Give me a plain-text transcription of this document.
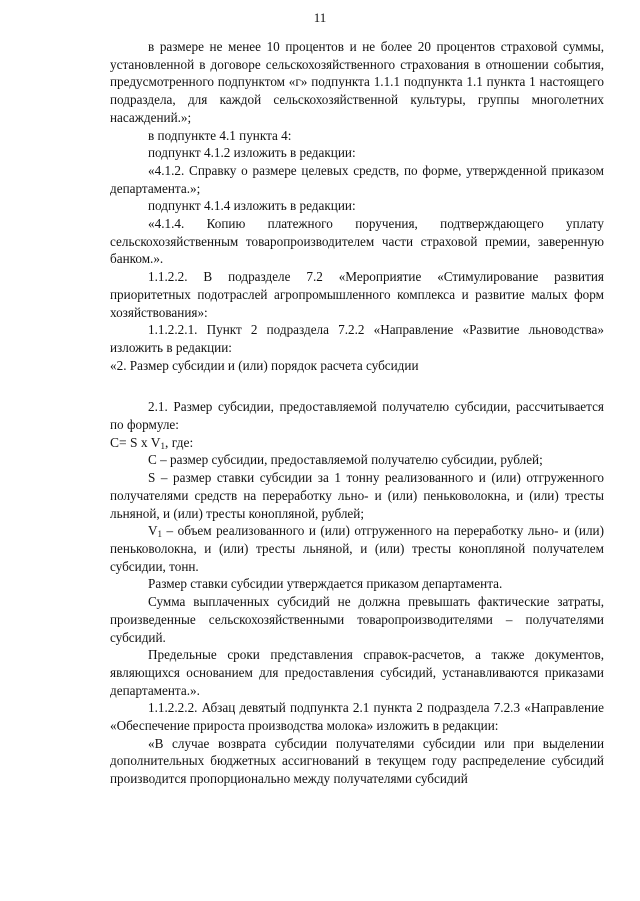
11

в размере не менее 10 процентов и не более 20 процентов страховой суммы, установленной в договоре сельскохозяйственного страхования в отношении события, предусмотренного подпунктом «г» подпункта 1.1.1 подпункта 1.1 пункта 1 настоящего подраздела, для каждой сельскохозяйственной культуры, группы многолетних насаждений.»;

в подпункте 4.1 пункта 4:

подпункт 4.1.2 изложить в редакции:

«4.1.2. Справку о размере целевых средств, по форме, утвержденной приказом департамента.»;

подпункт 4.1.4 изложить в редакции:

«4.1.4. Копию платежного поручения, подтверждающего уплату сельскохозяйственным товаропроизводителем части страховой премии, заверенную банком.».

1.1.2.2. В подразделе 7.2 «Мероприятие «Стимулирование развития приоритетных подотраслей агропромышленного комплекса и развитие малых форм хозяйствования»:

1.1.2.2.1. Пункт 2 подраздела 7.2.2 «Направление «Развитие льноводства» изложить в редакции:

«2. Размер субсидии и (или) порядок расчета субсидии

2.1. Размер субсидии, предоставляемой получателю субсидии, рассчитывается по формуле:

C= S x $V_1$, где:

С – размер субсидии, предоставляемой получателю субсидии, рублей;

S – размер ставки субсидии за 1 тонну реализованного и (или) отгруженного получателями средств на переработку льно- и (или) пеньковолокна, и (или) тресты льняной, и (или) тресты конопляной, рублей;

$V_1$ – объем реализованного и (или) отгруженного на переработку льно- и (или) пеньковолокна, и (или) тресты льняной, и (или) тресты конопляной получателем субсидии, тонн.

Размер ставки субсидии утверждается приказом департамента.

Сумма выплаченных субсидий не должна превышать фактические затраты, произведенные сельскохозяйственными товаропроизводителями – получателями субсидий.

Предельные сроки представления справок-расчетов, а также документов, являющихся основанием для предоставления субсидий, устанавливаются приказами департамента.».

1.1.2.2.2. Абзац девятый подпункта 2.1 пункта 2 подраздела 7.2.3 «Направление «Обеспечение прироста производства молока» изложить в редакции:

«В случае возврата субсидии получателями субсидии или при выделении дополнительных бюджетных ассигнований в текущем году распределение субсидий производится пропорционально между получателями субсидий
